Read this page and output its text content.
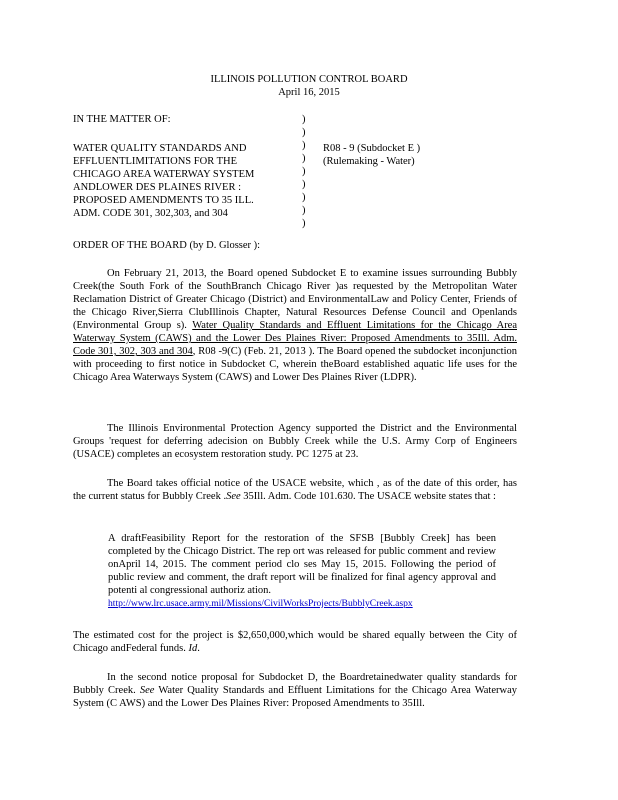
ILLINOIS POLLUTION CONTROL BOARD
April 16, 2015
IN THE MATTER OF:
WATER QUALITY STANDARDS AND
EFFLUENTLIMITATIONS FOR THE
CHICAGO AREA WATERWAY SYSTEM
ANDLOWER DES PLAINES RIVER :
PROPOSED AMENDMENTS TO 35 ILL.
ADM. CODE 301, 302,303, and 304
)
)
)
)
)
)
)
)
)
R08 - 9 (Subdocket E )
(Rulemaking - Water)
ORDER OF THE BOARD (by D. Glosser ):
On February 21, 2013, the Board opened Subdocket E to examine issues surrounding Bubbly Creek(the South Fork of the SouthBranch Chicago River )as requested by the Metropolitan Water Reclamation District of Greater Chicago (District) and EnvironmentalLaw and Policy Center, Friends of the Chicago River,Sierra ClubIllinois Chapter, Natural Resources Defense Council and Openlands (Environmental Group s). Water Quality Standards and Effluent Limitations for the Chicago Area Waterway System (CAWS) and the Lower Des Plaines River: Proposed Amendments to 35Ill. Adm. Code 301, 302, 303 and 304, R08 -9(C) (Feb. 21, 2013 ). The Board opened the subdocket inconjunction with proceeding to first notice in Subdocket C, wherein theBoard established aquatic life uses for the Chicago Area Waterways System (CAWS) and Lower Des Plaines River (LDPR).
The Illinois Environmental Protection Agency supported the District and the Environmental Groups 'request for deferring adecision on Bubbly Creek while the U.S. Army Corp of Engineers (USACE) completes an ecosystem restoration study. PC 1275 at 23.
The Board takes official notice of the USACE website, which , as of the date of this order, has the current status for Bubbly Creek .See 35Ill. Adm. Code 101.630. The USACE website states that :
A draftFeasibility Report for the restoration of the SFSB [Bubbly Creek] has been completed by the Chicago District. The rep ort was released for public comment and review onApril 14, 2015. The comment period clo ses May 15, 2015. Following the period of public review and comment, the draft report will be finalized for final agency approval and potenti al congressional authoriz ation.
http://www.lrc.usace.army.mil/Missions/CivilWorksProjects/BubblyCreek.aspx
The estimated cost for the project is $2,650,000,which would be shared equally between the City of Chicago andFederal funds. Id.
In the second notice proposal for Subdocket D, the Boardretainedwater quality standards for Bubbly Creek. See Water Quality Standards and Effluent Limitations for the Chicago Area Waterway System (C AWS) and the Lower Des Plaines River: Proposed Amendments to 35Ill.
